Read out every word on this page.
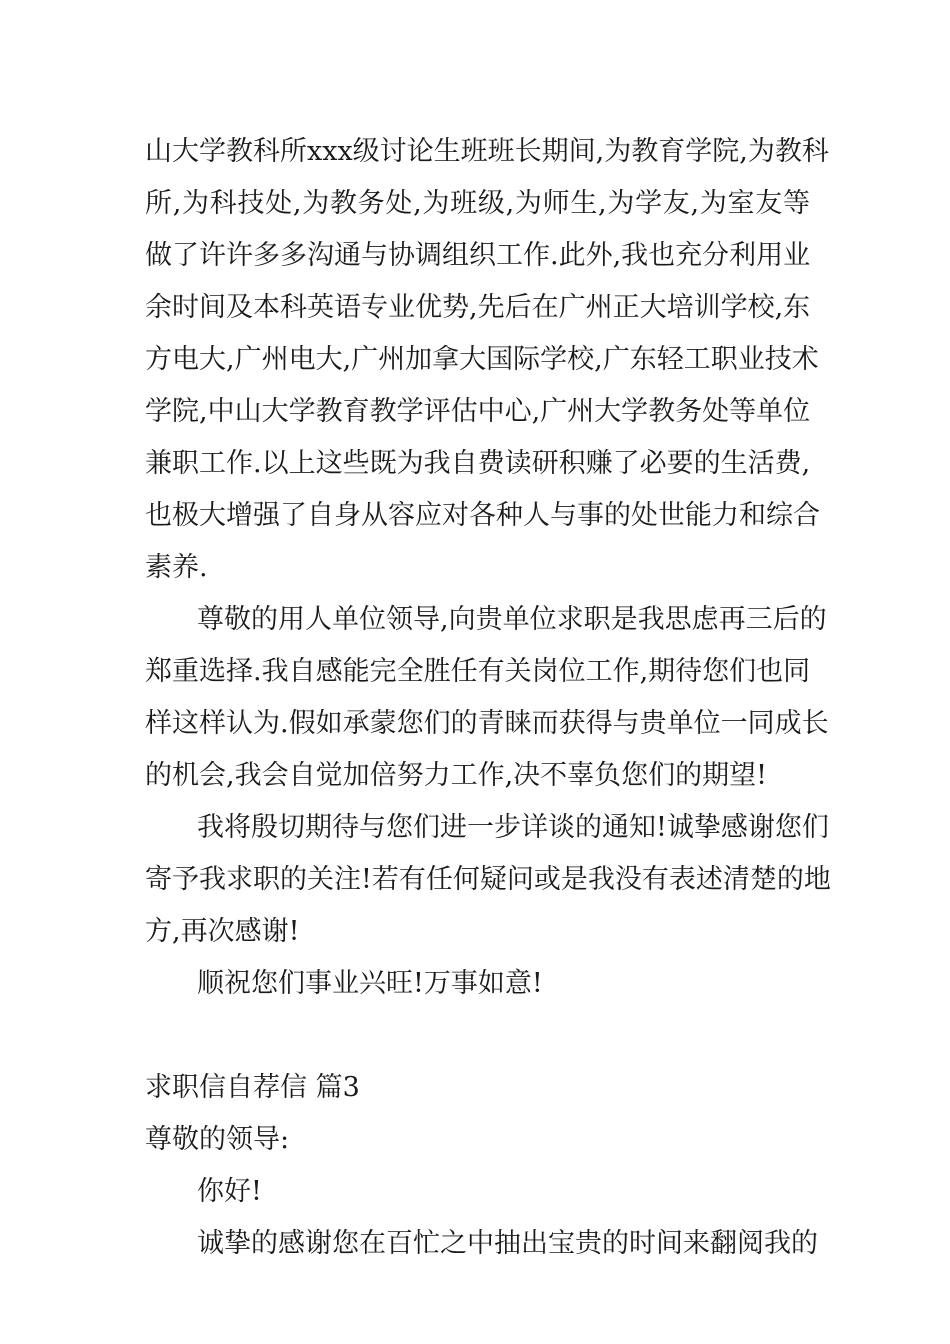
山大学教科所xxx级讨论生班班长期间,为教育学院,为教科
所,为科技处,为教务处,为班级,为师生,为学友,为室友等
做了许许多多沟通与协调组织工作.此外,我也充分利用业
余时间及本科英语专业优势,先后在广州正大培训学校,东
方电大,广州电大,广州加拿大国际学校,广东轻工职业技术
学院,中山大学教育教学评估中心,广州大学教务处等单位
兼职工作.以上这些既为我自费读研积赚了必要的生活费,
也极大增强了自身从容应对各种人与事的处世能力和综合
素养.
尊敬的用人单位领导,向贵单位求职是我思虑再三后的
郑重选择.我自感能完全胜任有关岗位工作,期待您们也同
样这样认为.假如承蒙您们的青睐而获得与贵单位一同成长
的机会,我会自觉加倍努力工作,决不辜负您们的期望!
我将殷切期待与您们进一步详谈的通知!诚挚感谢您们
寄予我求职的关注!若有任何疑问或是我没有表述清楚的地
方,再次感谢!
顺祝您们事业兴旺!万事如意!
求职信自荐信 篇3
尊敬的领导:
你好!
诚挚的感谢您在百忙之中抽出宝贵的时间来翻阅我的
